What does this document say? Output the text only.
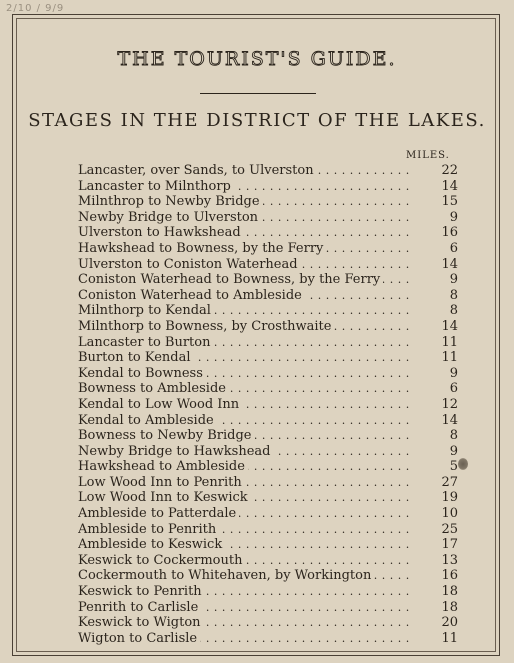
2/10 / 9/9
THE TOURIST'S GUIDE.
STAGES IN THE DISTRICT OF THE LAKES.
MILES.
Lancaster, over Sands, to Ulverston . . .	22
Lancaster to Milnthorp . . .	14
Milnthrop to Newby Bridge . . .	15
Newby Bridge to Ulverston . . .	9
Ulverston to Hawkshead . . .	16
Hawkshead to Bowness, by the Ferry . . .	6
Ulverston to Coniston Waterhead . . .	14
Coniston Waterhead to Bowness, by the Ferry . . .	9
Coniston Waterhead to Ambleside . . .	8
Milnthorp to Kendal . . .	8
Milnthorp to Bowness, by Crosthwaite . . .	14
Lancaster to Burton . . .	11
Burton to Kendal . . .	11
Kendal to Bowness . . .	9
Bowness to Ambleside . . .	6
Kendal to Low Wood Inn . . .	12
Kendal to Ambleside . . .	14
Bowness to Newby Bridge . . .	8
Newby Bridge to Hawkshead . . .	9
Hawkshead to Ambleside . . .	5
Low Wood Inn to Penrith . . .	27
Low Wood Inn to Keswick . . .	19
Ambleside to Patterdale . . .	10
Ambleside to Penrith . . .	25
Ambleside to Keswick . . .	17
Keswick to Cockermouth . . .	13
Cockermouth to Whitehaven, by Workington . . .	16
Keswick to Penrith . . .	18
Penrith to Carlisle . . .	18
Keswick to Wigton . . .	20
Wigton to Carlisle . . .	11
